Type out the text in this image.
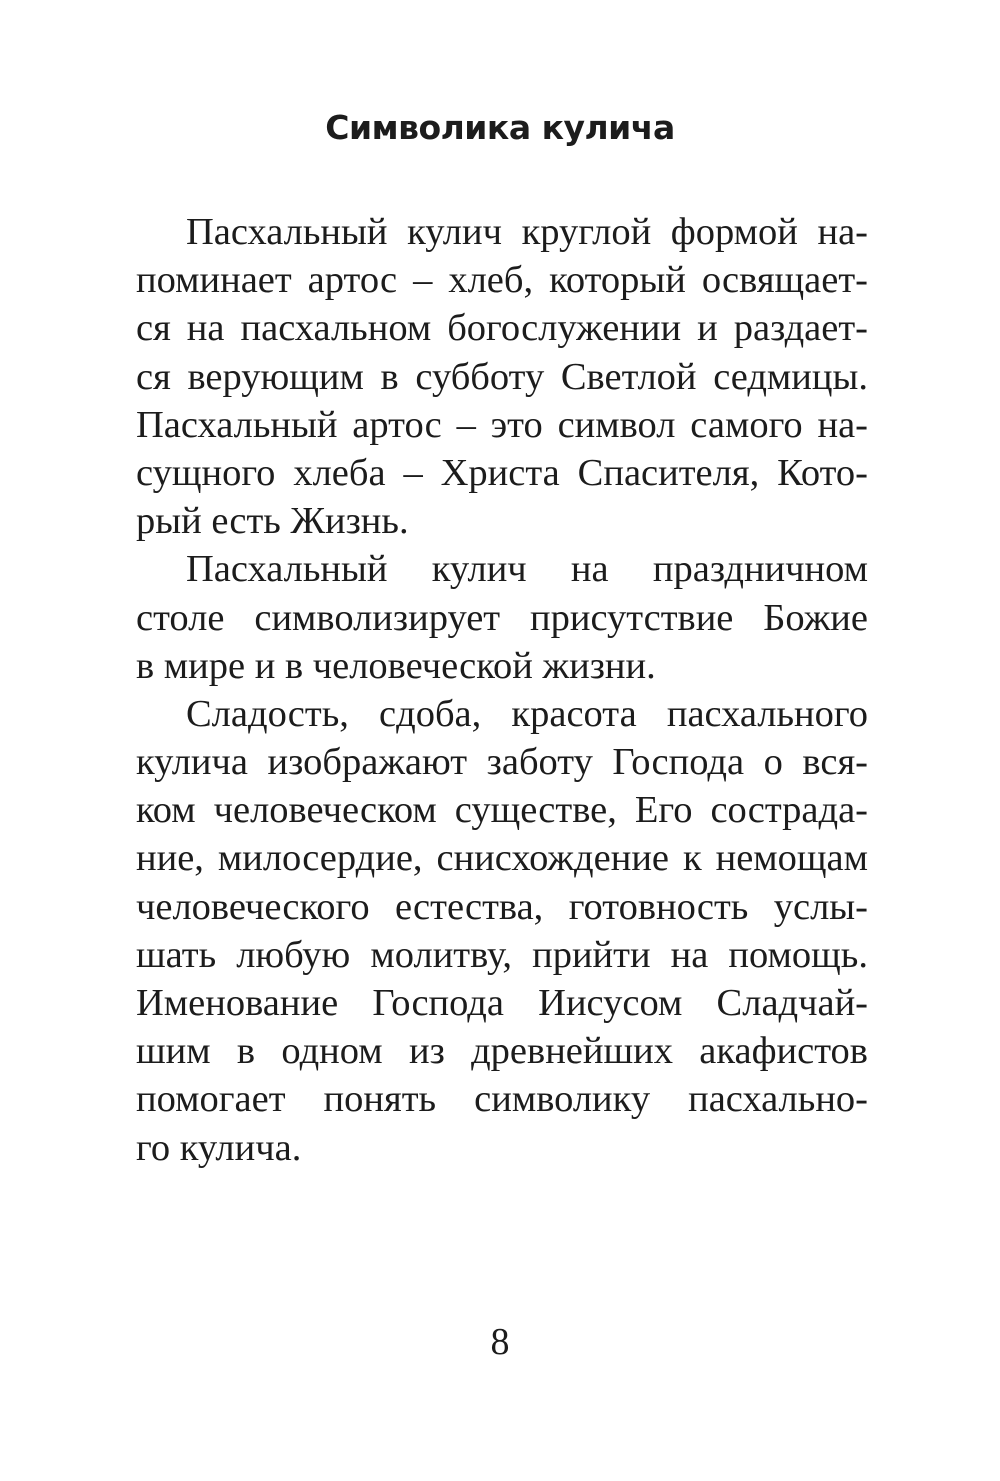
Символика кулича
Пасхальный кулич круглой формой на-
поминает артос – хлеб, который освящает-
ся на пасхальном богослужении и раздает-
ся верующим в субботу Светлой седмицы.
Пасхальный артос – это символ самого на-
сущного хлеба – Христа Спасителя, Кото-
рый есть Жизнь.
Пасхальный кулич на праздничном
столе символизирует присутствие Божие
в мире и в человеческой жизни.
Сладость, сдоба, красота пасхального
кулича изображают заботу Господа о вся-
ком человеческом существе, Его сострада-
ние, милосердие, снисхождение к немощам
человеческого естества, готовность услы-
шать любую молитву, прийти на помощь.
Именование Господа Иисусом Сладчай-
шим в одном из древнейших акафистов
помогает понять символику пасхально-
го кулича.
8
